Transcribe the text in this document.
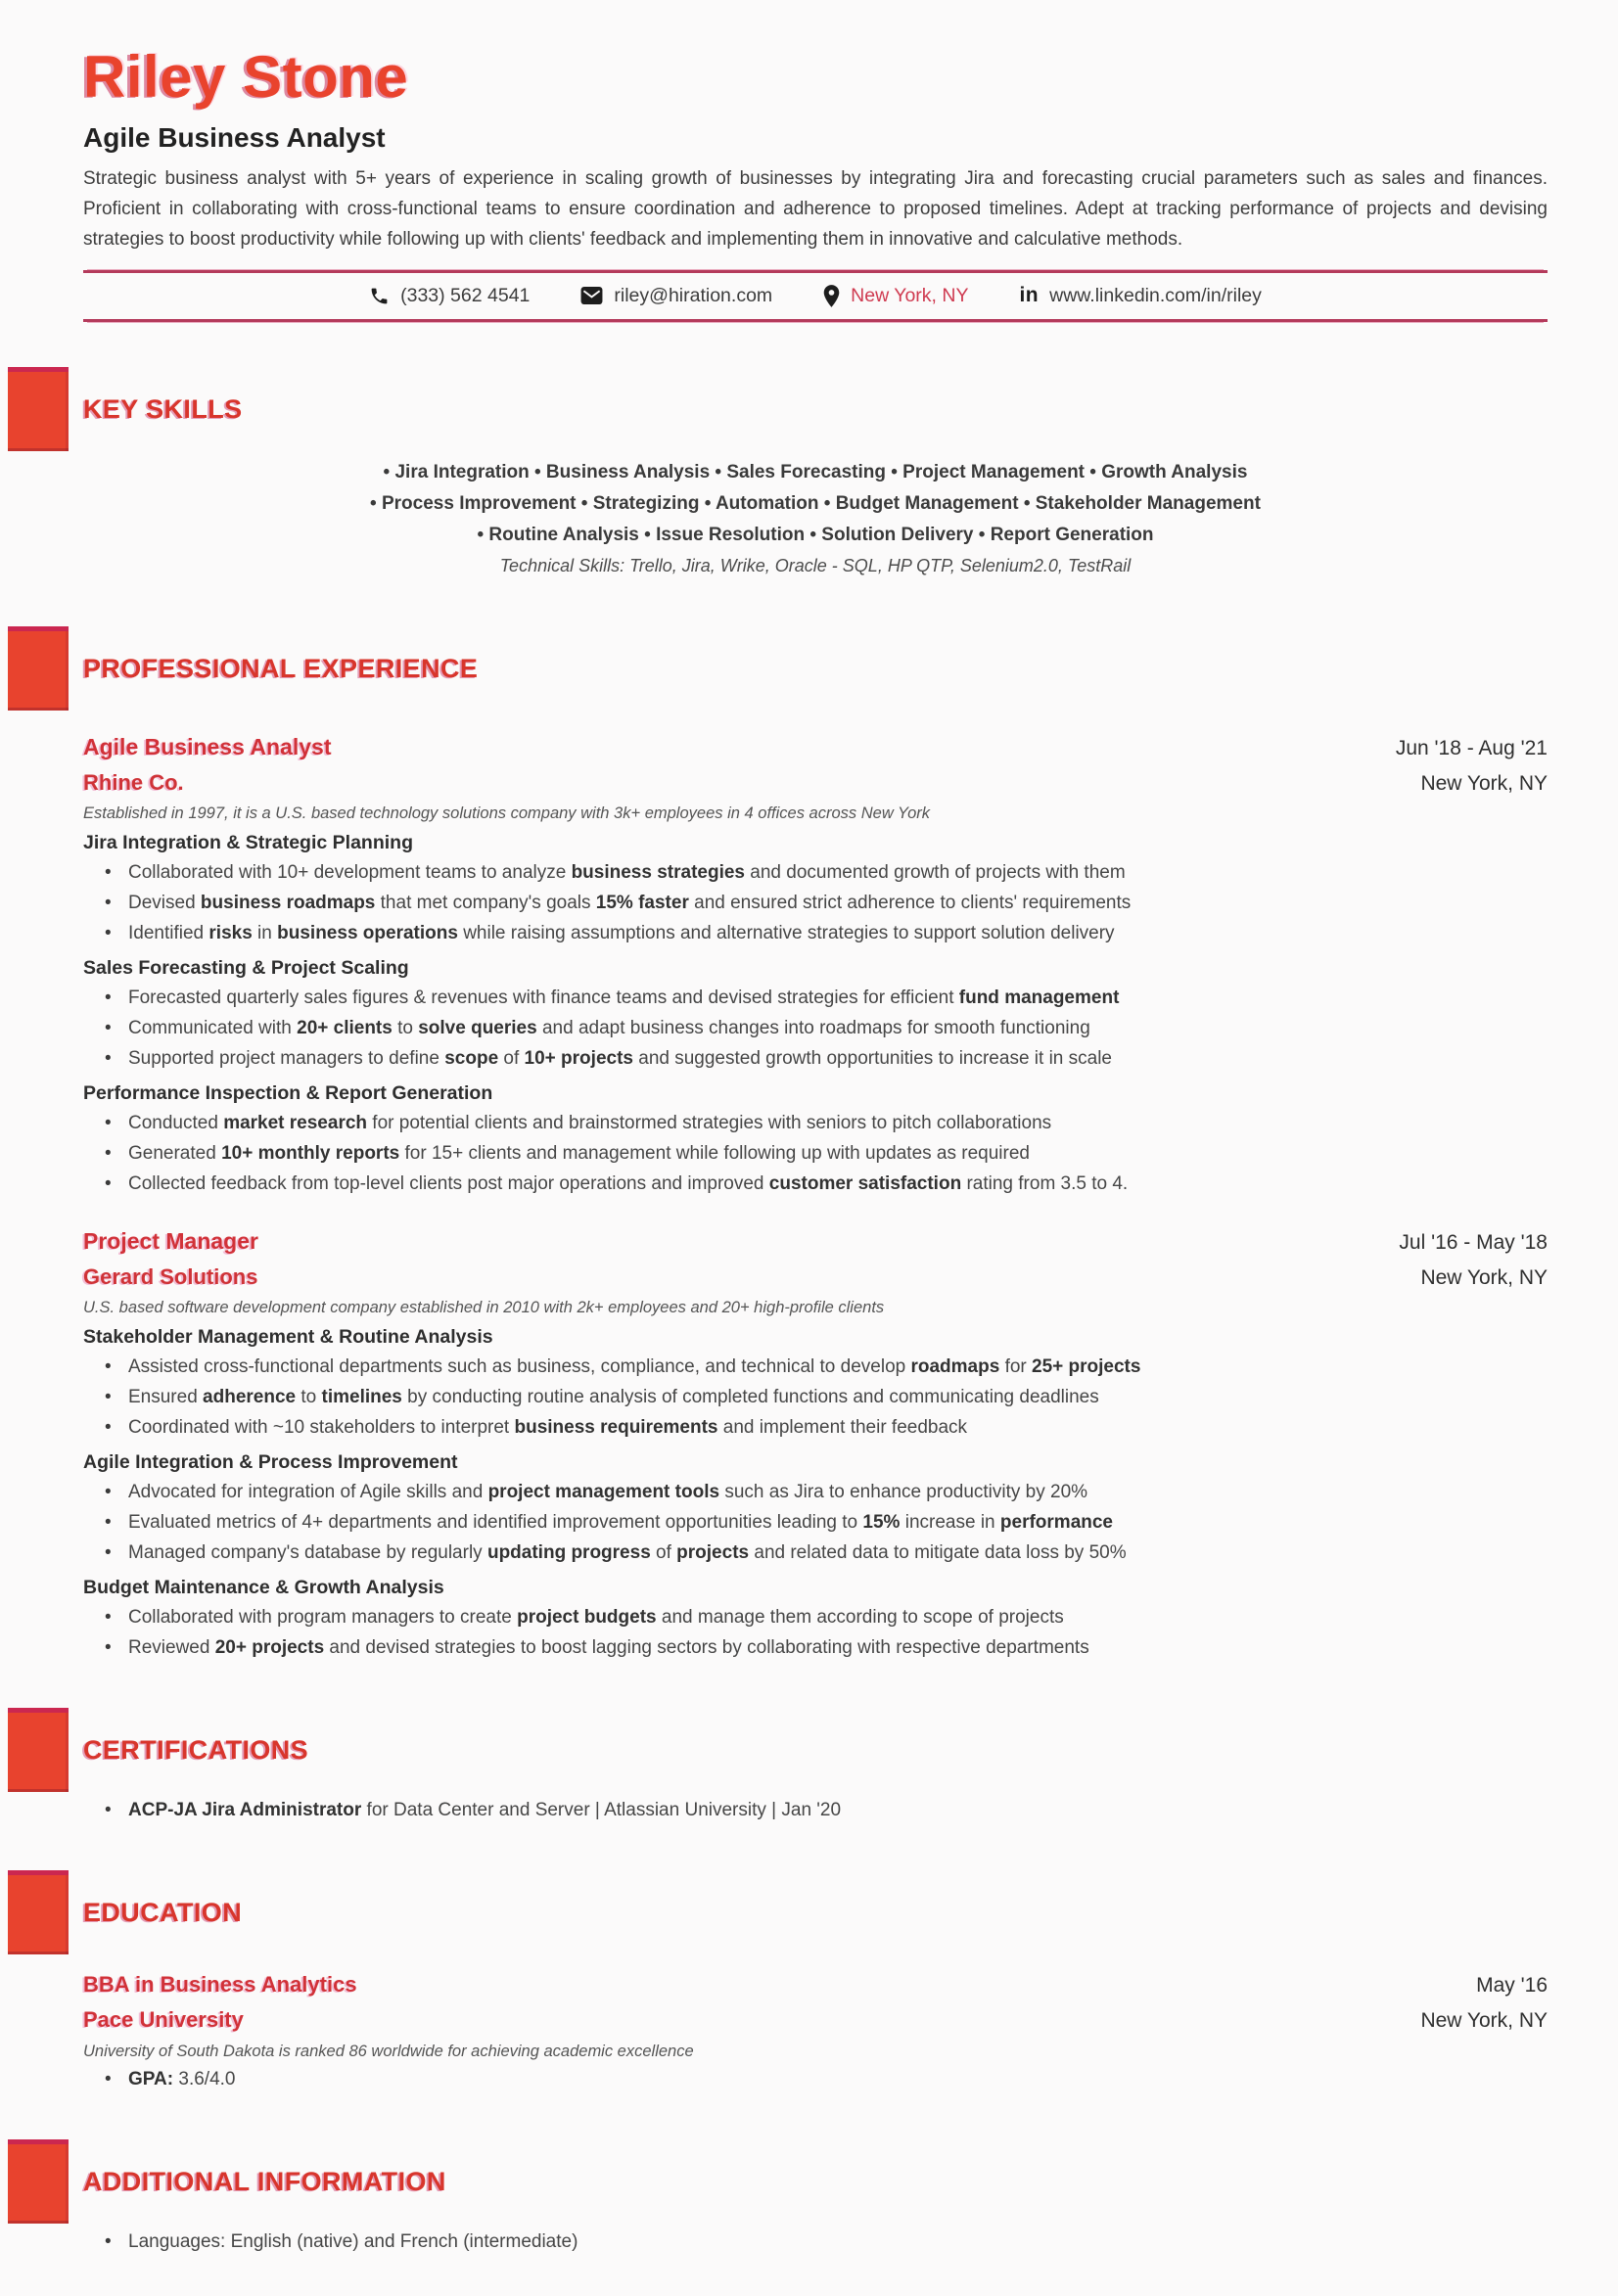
Riley Stone
Agile Business Analyst
Strategic business analyst with 5+ years of experience in scaling growth of businesses by integrating Jira and forecasting crucial parameters such as sales and finances. Proficient in collaborating with cross-functional teams to ensure coordination and adherence to proposed timelines. Adept at tracking performance of projects and devising strategies to boost productivity while following up with clients' feedback and implementing them in innovative and calculative methods.
(333) 562 4541	riley@hiration.com	New York, NY in www.linkedin.com/in/riley
KEY SKILLS
• Jira Integration • Business Analysis • Sales Forecasting • Project Management • Growth Analysis
• Process Improvement • Strategizing • Automation • Budget Management • Stakeholder Management
• Routine Analysis • Issue Resolution • Solution Delivery • Report Generation
Technical Skills: Trello, Jira, Wrike, Oracle - SQL, HP QTP, Selenium2.0, TestRail
PROFESSIONAL EXPERIENCE
Agile Business Analyst	Jun '18 - Aug '21
Rhine Co.	New York, NY
Established in 1997, it is a U.S. based technology solutions company with 3k+ employees in 4 offices across New York
Jira Integration & Strategic Planning
• Collaborated with 10+ development teams to analyze business strategies and documented growth of projects with them
• Devised business roadmaps that met company's goals 15% faster and ensured strict adherence to clients' requirements
• Identified risks in business operations while raising assumptions and alternative strategies to support solution delivery
Sales Forecasting & Project Scaling
• Forecasted quarterly sales figures & revenues with finance teams and devised strategies for efficient fund management
• Communicated with 20+ clients to solve queries and adapt business changes into roadmaps for smooth functioning
• Supported project managers to define scope of 10+ projects and suggested growth opportunities to increase it in scale
Performance Inspection & Report Generation
• Conducted market research for potential clients and brainstormed strategies with seniors to pitch collaborations
• Generated 10+ monthly reports for 15+ clients and management while following up with updates as required
• Collected feedback from top-level clients post major operations and improved customer satisfaction rating from 3.5 to 4.
Project Manager	Jul '16 - May '18
Gerard Solutions	New York, NY
U.S. based software development company established in 2010 with 2k+ employees and 20+ high-profile clients
Stakeholder Management & Routine Analysis
• Assisted cross-functional departments such as business, compliance, and technical to develop roadmaps for 25+ projects
• Ensured adherence to timelines by conducting routine analysis of completed functions and communicating deadlines
• Coordinated with ~10 stakeholders to interpret business requirements and implement their feedback
Agile Integration & Process Improvement
• Advocated for integration of Agile skills and project management tools such as Jira to enhance productivity by 20%
• Evaluated metrics of 4+ departments and identified improvement opportunities leading to 15% increase in performance
• Managed company's database by regularly updating progress of projects and related data to mitigate data loss by 50%
Budget Maintenance & Growth Analysis
• Collaborated with program managers to create project budgets and manage them according to scope of projects
• Reviewed 20+ projects and devised strategies to boost lagging sectors by collaborating with respective departments
CERTIFICATIONS
• ACP-JA Jira Administrator for Data Center and Server | Atlassian University | Jan '20
EDUCATION
BBA in Business Analytics	May '16
Pace University	New York, NY
University of South Dakota is ranked 86 worldwide for achieving academic excellence
• GPA: 3.6/4.0
ADDITIONAL INFORMATION
• Languages: English (native) and French (intermediate)
